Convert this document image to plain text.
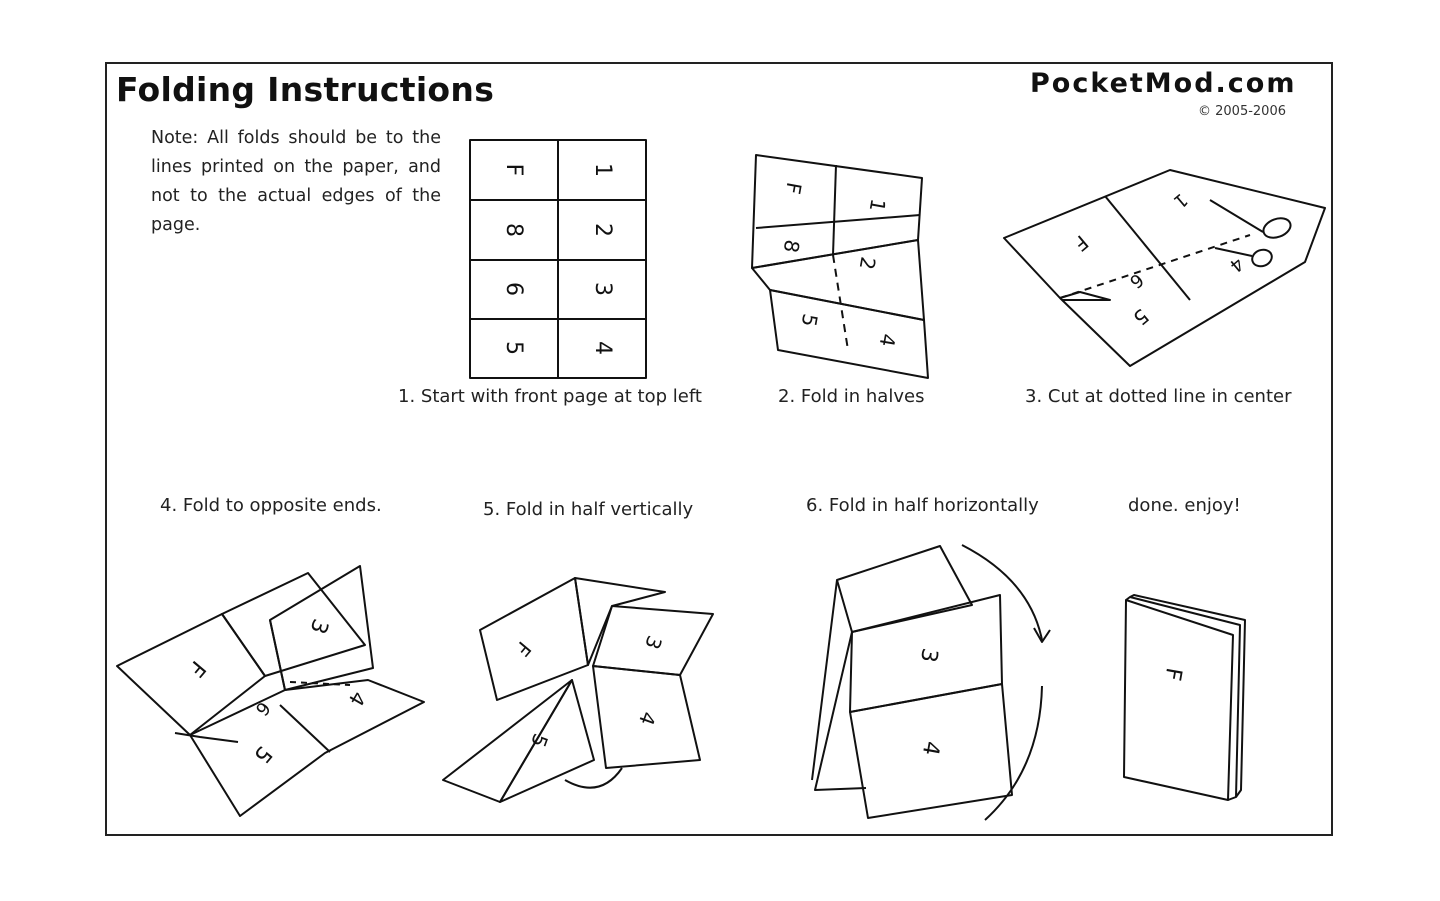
Folding Instructions	PocketMod.com
© 2005-2006
Note: All folds should be to the lines printed on the paper, and not to the actual edges of the page.
1. Start with front page at top left	2. Fold in halves	3. Cut at dotted line in center
4. Fold to opposite ends.	5. Fold in half vertically	6. Fold in half horizontally	done. enjoy!
F	1
8	2
6	3
5	4
F
1
8
2
5
4
F
6
5
4
1
F
3
6	4
5
F	3
4
5
3
4
F
